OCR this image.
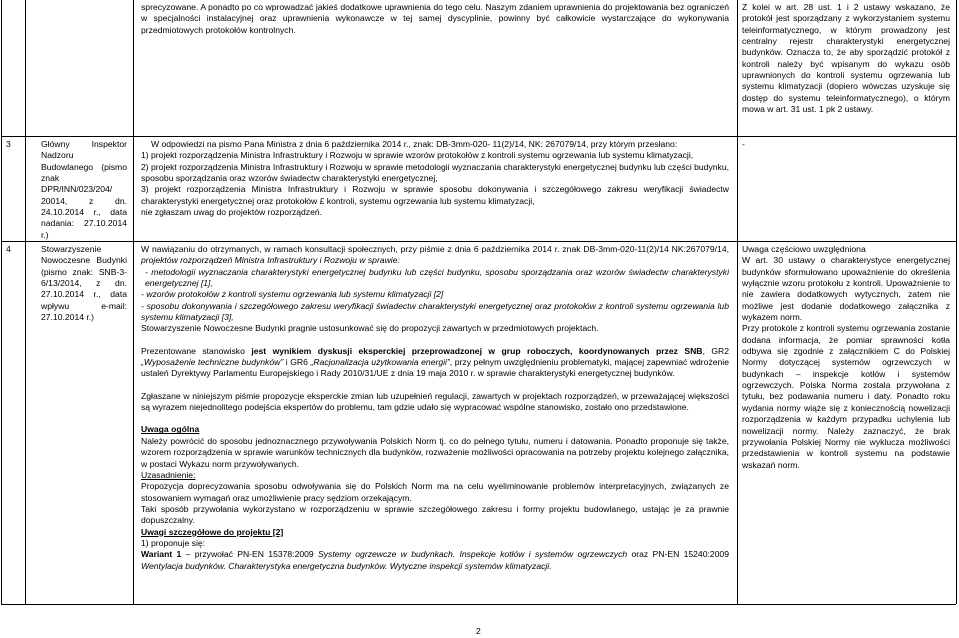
3	Główny Inspektor Nadzoru Budowlanego (pismo znak DPR/INN/023/204/ 20014, z dn. 24.10.2014 r., data nadania: 27.10.2014 r.)
4	Stowarzyszenie Nowoczesne Budynki (pismo znak: SNB-3-6/13/2014, z dn. 27.10.2014 r., data wpływu e-mail: 27.10.2014 r.)
sprecyzowane. A ponadto po co wprowadzać jakieś dodatkowe uprawnienia do tego celu. Naszym zdaniem uprawnienia do projektowania bez ograniczeń w specjalności instalacyjnej oraz uprawnienia wykonawcze w tej samej dyscyplinie, powinny być całkowicie wystarczające do wykonywania przedmiotowych protokołów kontrolnych.

W odpowiedzi na pismo Pana Ministra z dnia 6 października 2014 r., znak: DB-3mm-020- 11(2)/14, NK: 267079/14, przy którym przesłano:

1) projekt rozporządzenia Ministra Infrastruktury i Rozwoju w sprawie wzorów protokołów z kontroli systemu ogrzewania lub systemu klimatyzacji,

2) projekt rozporządzenia Ministra Infrastruktury i Rozwoju w sprawie metodologii wyznaczania charakterystyki energetycznej budynku lub części budynku, sposobu sporządzania oraz wzorów świadectw charakterystyki energetycznej,

3) projekt rozporządzenia Ministra Infrastruktury i Rozwoju w sprawie sposobu dokonywania i szczegółowego zakresu weryfikacji świadectw charakterystyki energetycznej oraz protokołów £ kontroli, systemu ogrzewania lub systemu klimatyzacji,

nie zgłaszam uwag do projektów rozporządzeń.

W nawiązaniu do otrzymanych, w ramach konsultacji społecznych, przy piśmie z dnia 6 października 2014 r. znak DB-3mm-020-11(2)/14 NK:267079/14, projektów rozporządzeń Ministra Infrastruktury i Rozwoju w sprawie:

- metodologii wyznaczania charakterystyki energetycznej budynku lub części budynku, sposobu sporządzania oraz wzorów świadectw charakterystyki energetycznej [1],

- wzorów protokołów z kontroli systemu ogrzewania lub systemu klimatyzacji [2]

- sposobu dokonywania i szczegółowego zakresu weryfikacji świadectw charakterystyki energetycznej oraz protokołów z kontroli systemu ogrzewania lub systemu klimatyzacji [3],

Stowarzyszenie Nowoczesne Budynki pragnie ustosunkować się do propozycji zawartych w przedmiotowych projektach.

Prezentowane stanowisko jest wynikiem dyskusji eksperckiej przeprowadzonej w grup roboczych, koordynowanych przez SNB, GR2 „Wyposażenie techniczne budynków” i GR6 „Racjonalizacja użytkowania energii”, przy pełnym uwzględnieniu problematyki, mającej zapewniać wdrożenie ustaleń Dyrektywy Parlamentu Europejskiego i Rady 2010/31/UE z dnia 19 maja 2010 r. w sprawie charakterystyki energetycznej budynków.

Zgłaszane w niniejszym piśmie propozycje eksperckie zmian lub uzupełnień regulacji, zawartych w projektach rozporządzeń, w przeważającej większości są wyrazem niejednolitego podejścia ekspertów do problemu, tam gdzie udało się wypracować wspólne stanowisko, zostało ono przedstawione.

Uwaga ogólna

Należy powrócić do sposobu jednoznacznego przywoływania Polskich Norm tj. co do pełnego tytułu, numeru i datowania. Ponadto proponuje się także, wzorem rozporządzenia w sprawie warunków technicznych dla budynków, rozważenie możliwości opracowania na potrzeby projektu kolejnego załącznika, w postaci Wykazu norm przywoływanych.

Uzasadnienie:

Propozycja doprecyzowania sposobu odwoływania się do Polskich Norm ma na celu wyeliminowanie problemów interpretacyjnych, związanych ze stosowaniem wymagań oraz umożliwienie pracy sędziom orzekającym.

Taki sposób przywołania wykorzystano w rozporządzeniu w sprawie szczegółowego zakresu i formy projektu budowlanego, ustając je za prawnie dopuszczalny.

Uwagi szczegółowe do projektu [2]

1) proponuje się:

Wariant 1 – przywołać PN-EN 15378:2009 Systemy ogrzewcze w budynkach. Inspekcje kotłów i systemów ogrzewczych oraz PN-EN 15240:2009 Wentylacja budynków. Charakterystyka energetyczna budynków. Wytyczne inspekcji systemów klimatyzacji.

Z kolei w art. 28 ust. 1 i 2 ustawy wskazano, że protokół jest sporządzany z wykorzystaniem systemu teleinformatycznego, w którym prowadzony jest centralny rejestr charakterystyki energetycznej budynków. Oznacza to, że aby sporządzić protokół z kontroli należy być wpisanym do wykazu osób uprawnionych do kontroli systemu ogrzewania lub systemu klimatyzacji (dopiero wówczas uzyskuje się dostęp do systemu teleinformatycznego), o którym mowa w art. 31 ust. 1 pk 2 ustawy.
-

Uwaga częściowo uwzględniona

W art. 30 ustawy o charakterystyce energetycznej budynków sformułowano upoważnienie do określenia wyłącznie wzoru protokołu z kontroli. Upoważnienie to nie zawiera dodatkowych wytycznych, zatem nie możliwe jest dodanie dodatkowego załącznika z wykazem norm.

Przy protokole z kontroli systemu ogrzewania zostanie dodana informacja, że pomiar sprawności kotła odbywa się zgodnie z załącznikiem C do Polskiej Normy dotyczącej systemów ogrzewczych w budynkach – inspekcje kotłów i systemów ogrzewczych. Polska Norma zostala przywołana z tytułu, bez podawania numeru i daty. Ponadto roku wydania normy wiąże się z koniecznością nowelizacji rozporządzenia w każdym przypadku uchylenia lub nowelizacji normy. Należy zaznaczyć, że brak przywołania Polskiej Normy nie wyklucza możliwości przedstawienia w kontroli systemu na podstawie wskazań norm.

2
